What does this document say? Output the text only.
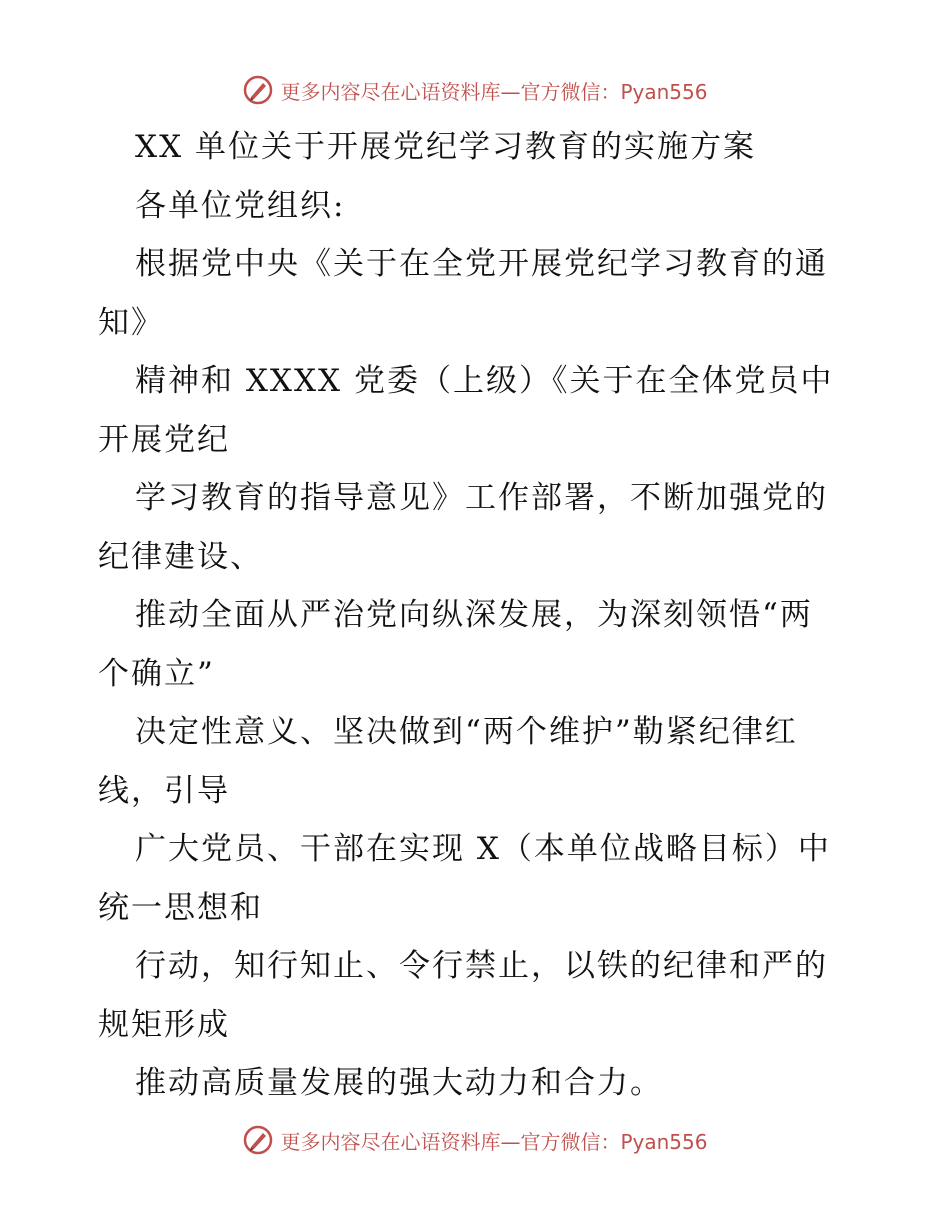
更多内容尽在心语资料库—官方微信：Pyan556
XX 单位关于开展党纪学习教育的实施方案
各单位党组织:
根据党中央《关于在全党开展党纪学习教育的通
知》
精神和 XXXX 党委（上级）《关于在全体党员中
开展党纪
学习教育的指导意见》工作部署，不断加强党的
纪律建设、
推动全面从严治党向纵深发展，为深刻领悟“两
个确立”
决定性意义、坚决做到“两个维护”勒紧纪律红
线，引导
广大党员、干部在实现 X（本单位战略目标）中
统一思想和
行动，知行知止、令行禁止，以铁的纪律和严的
规矩形成
推动高质量发展的强大动力和合力。
更多内容尽在心语资料库—官方微信：Pyan556
